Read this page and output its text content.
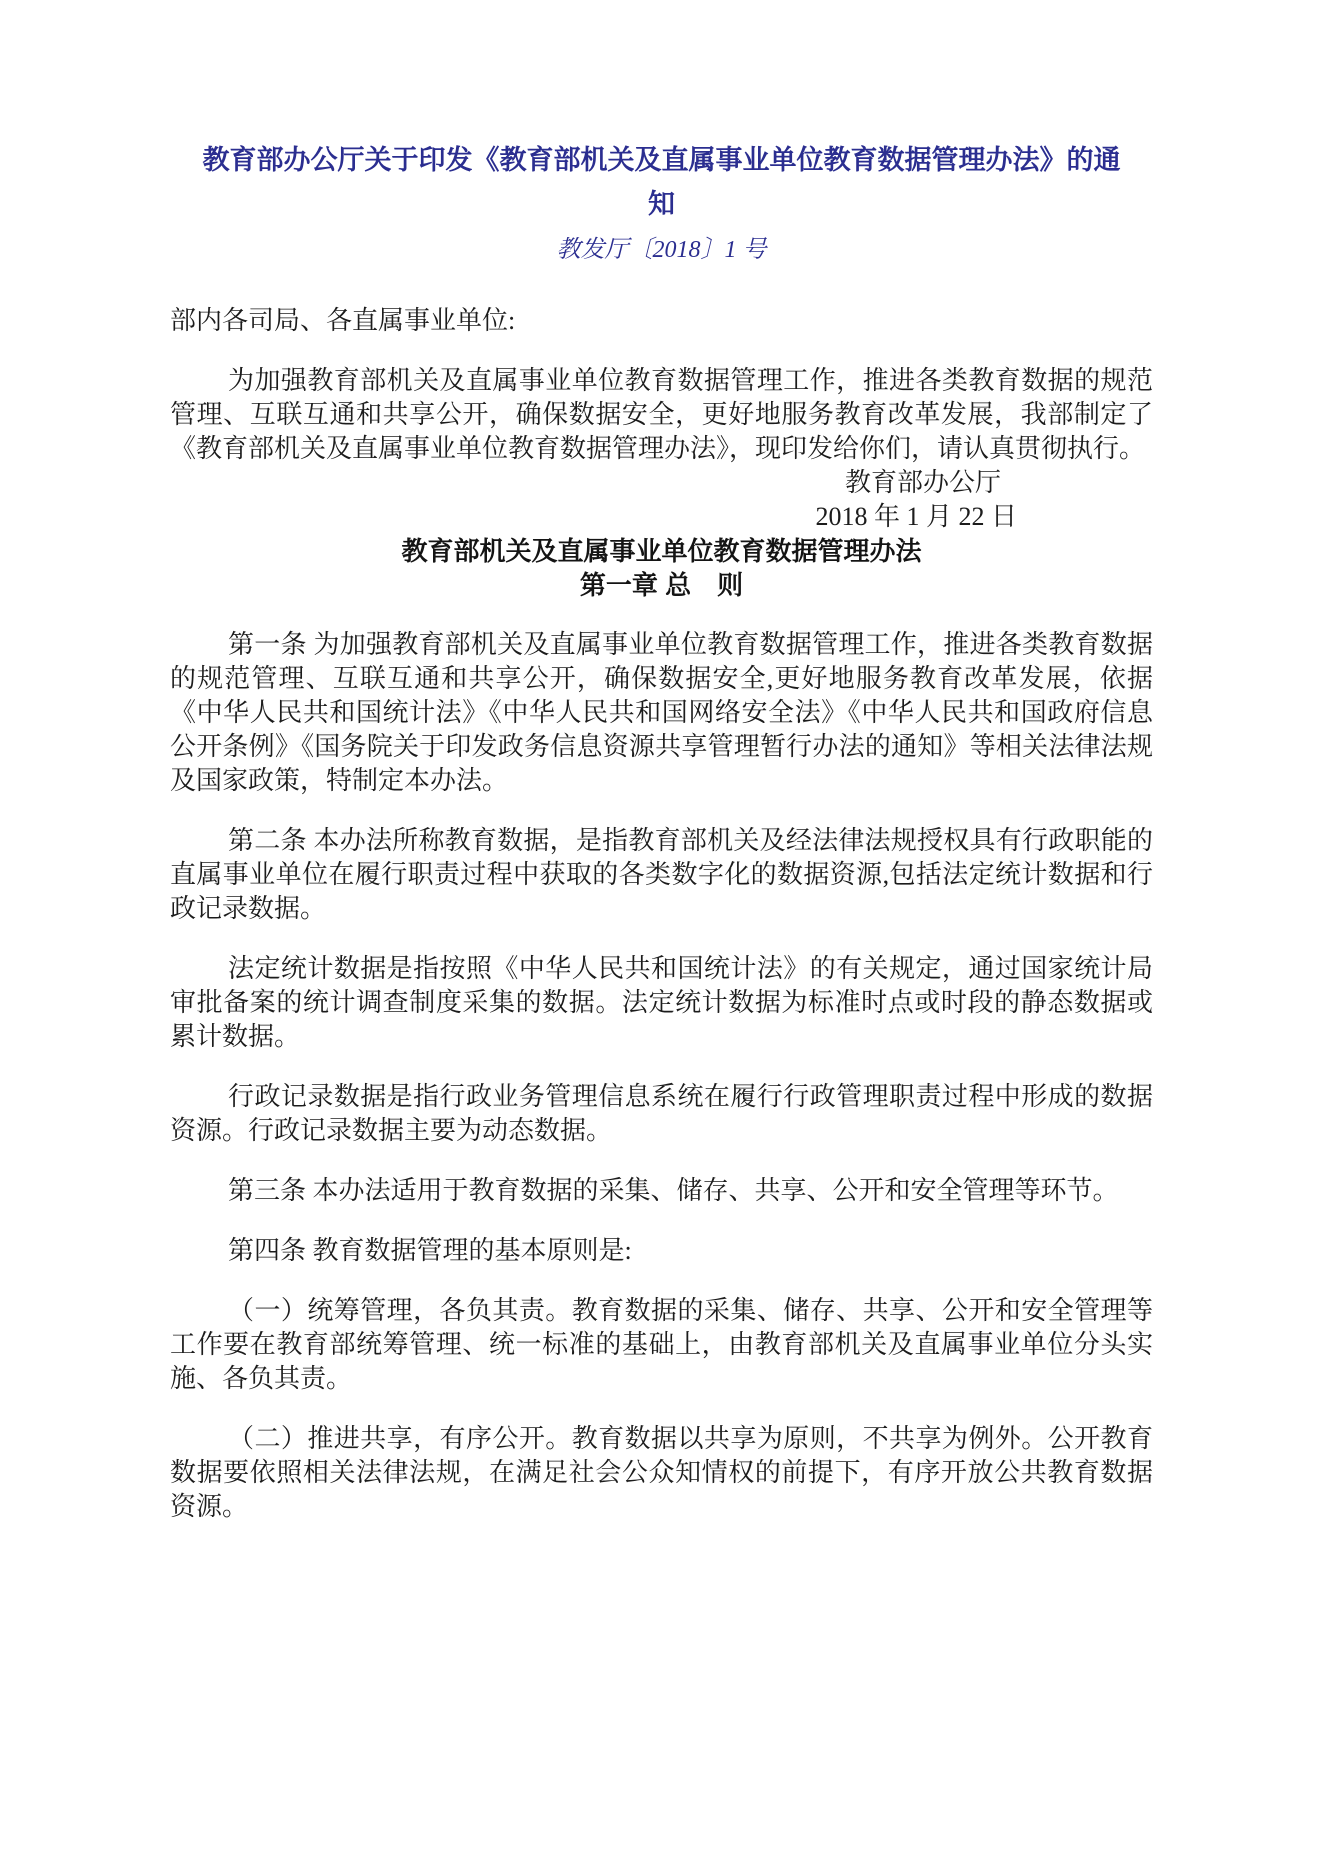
教育部办公厅关于印发《教育部机关及直属事业单位教育数据管理办法》的通知
教发厅〔2018〕1 号
部内各司局、各直属事业单位:

为加强教育部机关及直属事业单位教育数据管理工作，推进各类教育数据的规范管理、互联互通和共享公开，确保数据安全，更好地服务教育改革发展，我部制定了《教育部机关及直属事业单位教育数据管理办法》，现印发给你们，请认真贯彻执行。

教育部办公厅
2018 年 1 月 22 日
教育部机关及直属事业单位教育数据管理办法
第一章 总　则

第一条 为加强教育部机关及直属事业单位教育数据管理工作，推进各类教育数据的规范管理、互联互通和共享公开，确保数据安全,更好地服务教育改革发展，依据《中华人民共和国统计法》《中华人民共和国网络安全法》《中华人民共和国政府信息公开条例》《国务院关于印发政务信息资源共享管理暂行办法的通知》等相关法律法规及国家政策，特制定本办法。

第二条 本办法所称教育数据，是指教育部机关及经法律法规授权具有行政职能的直属事业单位在履行职责过程中获取的各类数字化的数据资源,包括法定统计数据和行政记录数据。

法定统计数据是指按照《中华人民共和国统计法》的有关规定，通过国家统计局审批备案的统计调查制度采集的数据。法定统计数据为标准时点或时段的静态数据或累计数据。

行政记录数据是指行政业务管理信息系统在履行行政管理职责过程中形成的数据资源。行政记录数据主要为动态数据。

第三条 本办法适用于教育数据的采集、储存、共享、公开和安全管理等环节。

第四条 教育数据管理的基本原则是:

（一）统筹管理，各负其责。教育数据的采集、储存、共享、公开和安全管理等工作要在教育部统筹管理、统一标准的基础上，由教育部机关及直属事业单位分头实施、各负其责。

（二）推进共享，有序公开。教育数据以共享为原则，不共享为例外。公开教育数据要依照相关法律法规，在满足社会公众知情权的前提下，有序开放公共教育数据资源。
